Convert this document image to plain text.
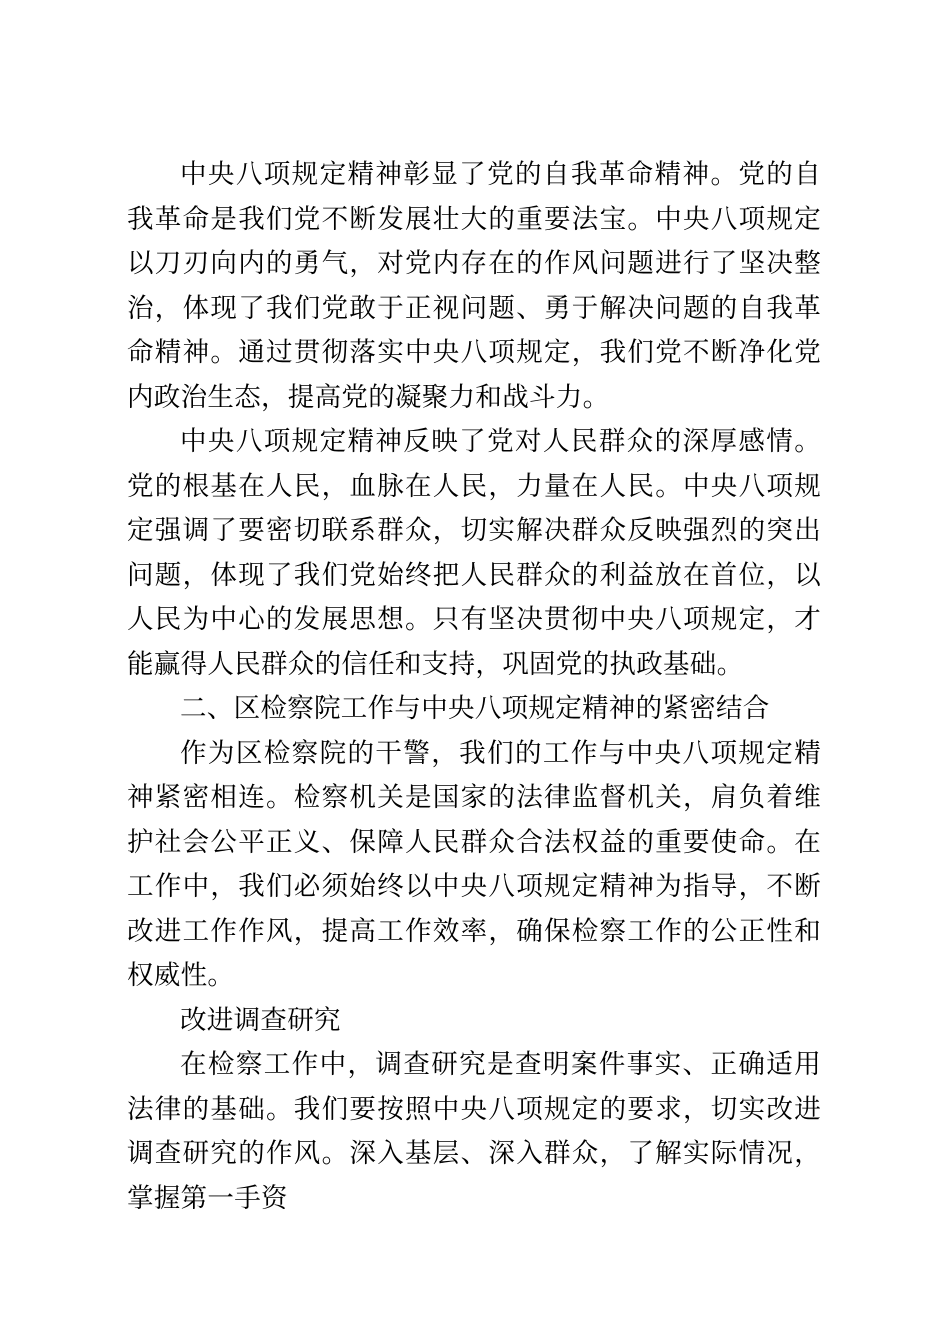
中央八项规定精神彰显了党的自我革命精神。党的自我革命是我们党不断发展壮大的重要法宝。中央八项规定以刀刃向内的勇气，对党内存在的作风问题进行了坚决整治，体现了我们党敢于正视问题、勇于解决问题的自我革命精神。通过贯彻落实中央八项规定，我们党不断净化党内政治生态，提高党的凝聚力和战斗力。

中央八项规定精神反映了党对人民群众的深厚感情。党的根基在人民，血脉在人民，力量在人民。中央八项规定强调了要密切联系群众，切实解决群众反映强烈的突出问题，体现了我们党始终把人民群众的利益放在首位，以人民为中心的发展思想。只有坚决贯彻中央八项规定，才能赢得人民群众的信任和支持，巩固党的执政基础。

二、区检察院工作与中央八项规定精神的紧密结合

作为区检察院的干警，我们的工作与中央八项规定精神紧密相连。检察机关是国家的法律监督机关，肩负着维护社会公平正义、保障人民群众合法权益的重要使命。在工作中，我们必须始终以中央八项规定精神为指导，不断改进工作作风，提高工作效率，确保检察工作的公正性和权威性。

改进调查研究

在检察工作中，调查研究是查明案件事实、正确适用法律的基础。我们要按照中央八项规定的要求，切实改进调查研究的作风。深入基层、深入群众，了解实际情况，掌握第一手资
